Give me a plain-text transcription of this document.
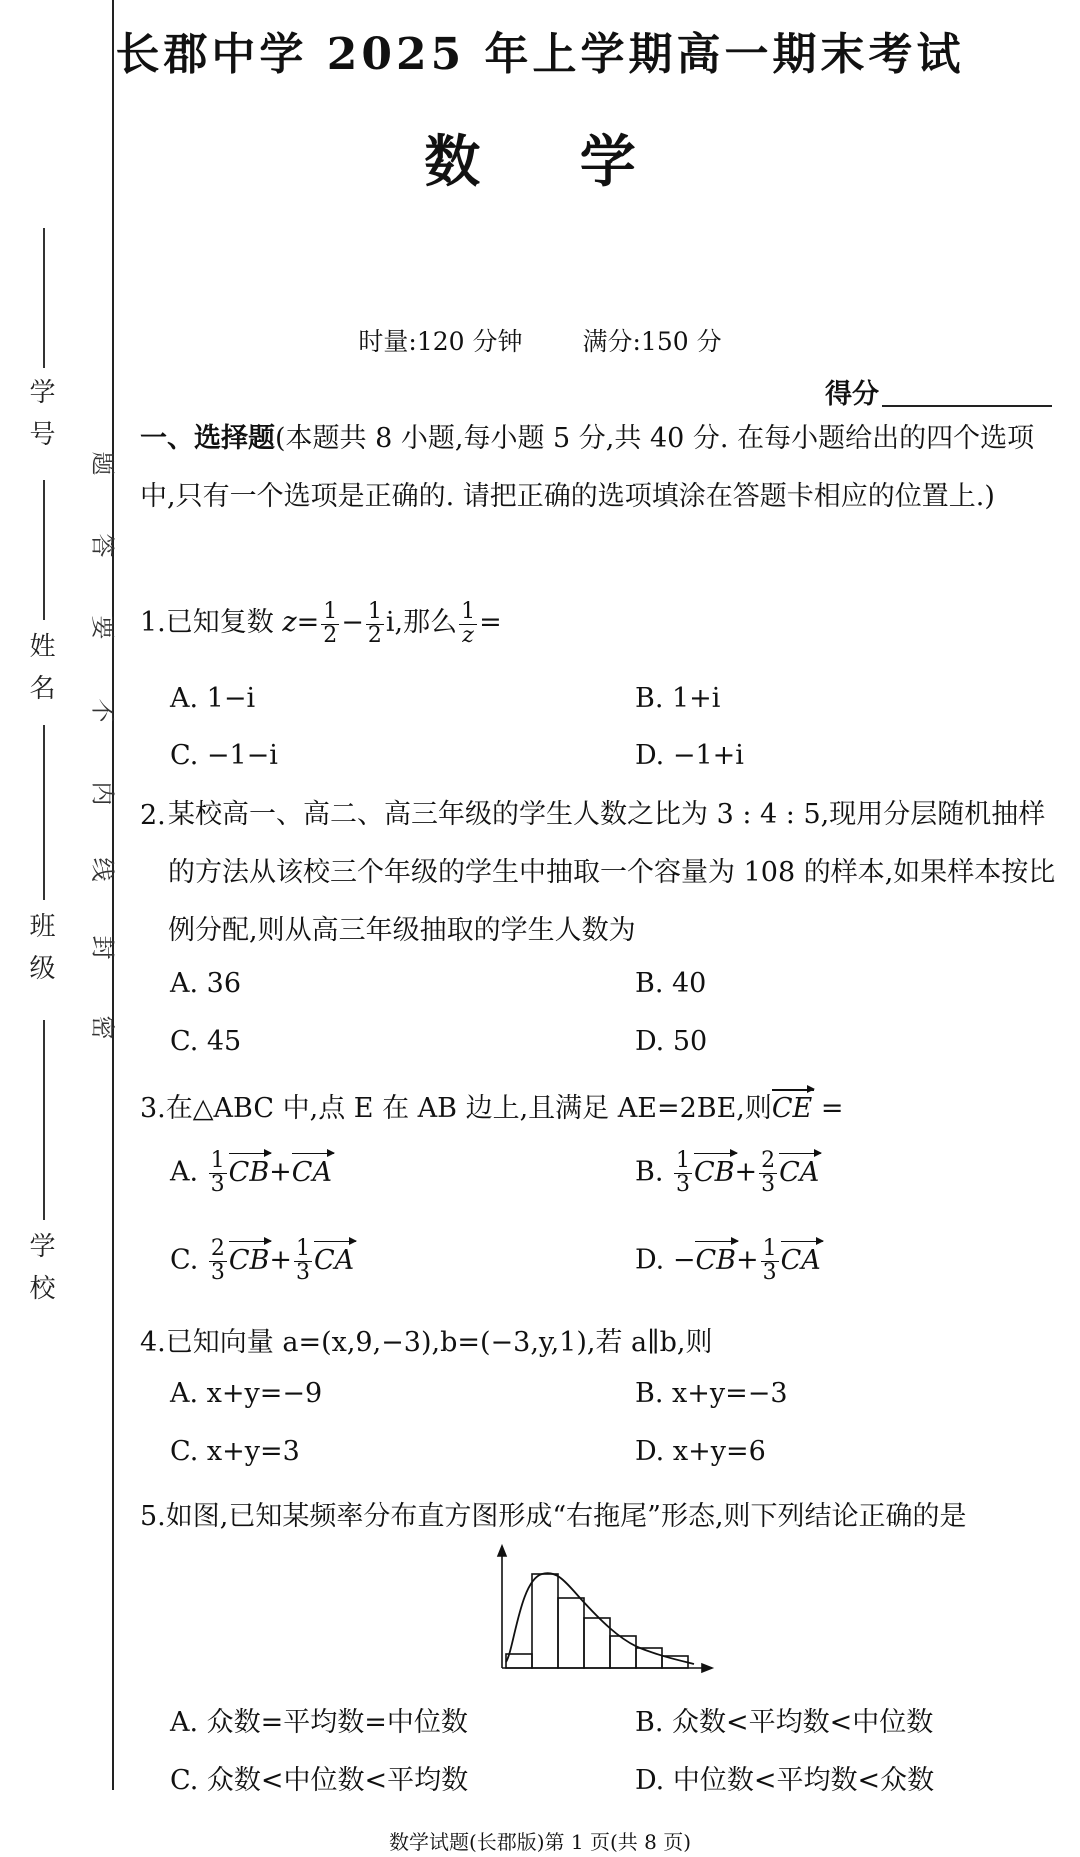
学 号
姓 名
班 级
学 校
密
封
线
内
不
要
答
题
长郡中学 2025 年上学期高一期末考试
数 学
时量:120 分钟 满分:150 分
得分
一、选择题(本题共 8 小题,每小题 5 分,共 40 分. 在每小题给出的四个选项中,只有一个选项是正确的. 请把正确的选项填涂在答题卡相应的位置上.)
1.已知复数 $z= \frac{1}{2} - \frac{1}{2} i$,那么 $\frac{1}{z}$ =
A. 1−i	B. 1+i
C. −1−i	D. −1+i
2. 某校高一、高二、高三年级的学生人数之比为 3 : 4 : 5,现用分层随机抽样的方法从该校三个年级的学生中抽取一个容量为 108 的样本,如果样本按比例分配,则从高三年级抽取的学生人数为
A. 36	B. 40
C. 45	D. 50
3.在△ABC 中,点 E 在 AB 边上,且满足 AE=2BE,则CE =
A. $\frac{1}{3} CB+CA$	B. $\frac{1}{3} CB+ \frac{2}{3}$ CA
C. $\frac{2}{3} CB+ \frac{1}{3}$ CA	D. $-CB+ \frac{1}{3}$ CA
4.已知向量 a=(x,9,−3),b=(−3,y,1),若 a∥b,则
A. x+y=−9	B. x+y=−3
C. x+y=3	D. x+y=6
5.如图,已知某频率分布直方图形成“右拖尾”形态,则下列结论正确的是
A. 众数=平均数=中位数	B. 众数<平均数<中位数
C. 众数<中位数<平均数	D. 中位数<平均数<众数
数学试题(长郡版)第 1 页(共 8 页)
